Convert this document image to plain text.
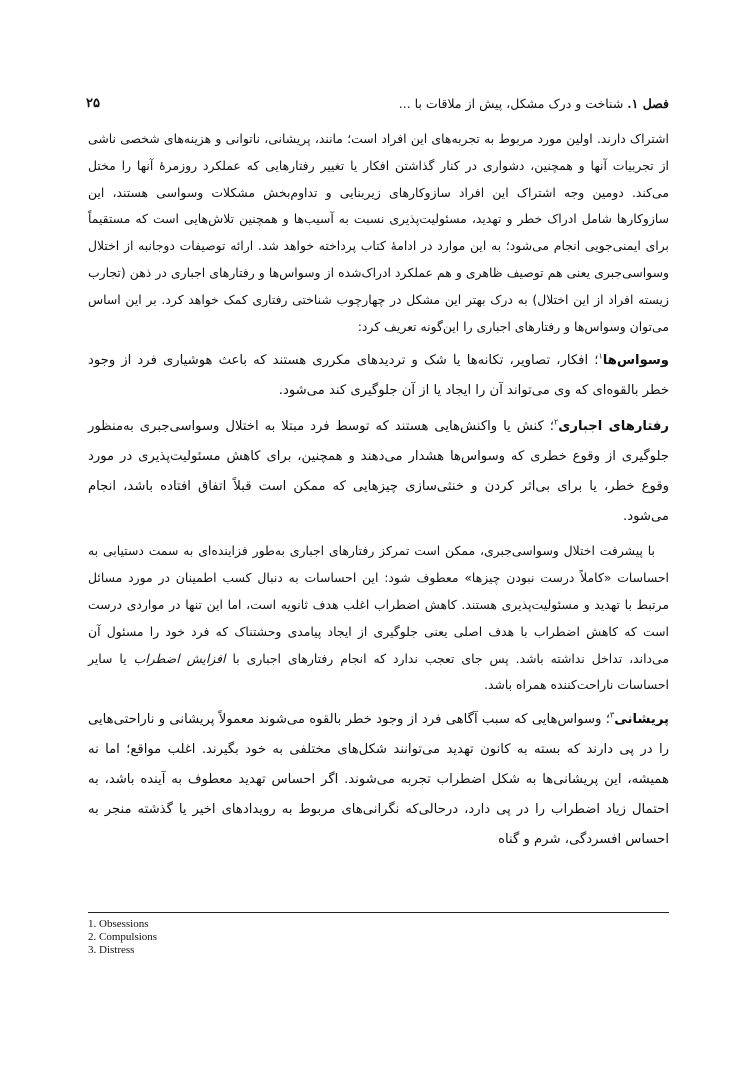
فصل ۱. شناخت و درک مشکل، پیش از ملاقات با ...
۲۵

اشتراک دارند. اولین مورد مربوط به تجربه‌های این افراد است؛ مانند، پریشانی، ناتوانی و هزینه‌های شخصی ناشی از تجربیات آنها و همچنین، دشواری در کنار گذاشتن افکار یا تغییر رفتارهایی که عملکرد روزمرهٔ آنها را مختل می‌کند. دومین وجه اشتراک این افراد سازوکارهای زیربنایی و تداوم‌بخش مشکلات وسواسی هستند، این سازوکارها شامل ادراک خطر و تهدید، مسئولیت‌پذیری نسبت به آسیب‌ها و همچنین تلاش‌هایی است که مستقیماً برای ایمنی‌جویی انجام می‌شود؛ به این موارد در ادامهٔ کتاب پرداخته خواهد شد. ارائه توصیفات دوجانبه از اختلال وسواسی‌جبری یعنی هم توصیف ظاهری و هم عملکرد ادراک‌شده از وسواس‌ها و رفتارهای اجباری در ذهن (تجارب زیسته افراد از این اختلال) به درک بهتر این مشکل در چهارچوب شناختی رفتاری کمک خواهد کرد. بر این اساس می‌توان وسواس‌ها و رفتارهای اجباری را این‌گونه تعریف کرد:

وسواس‌ها$^۱$؛ افکار، تصاویر، تکانه‌ها یا شک و تردیدهای مکرری هستند که باعث هوشیاری فرد از وجود خطر بالقوه‌ای که وی می‌تواند آن را ایجاد یا از آن جلوگیری کند می‌شود.

رفتارهای اجباری$^۲$؛ کنش یا واکنش‌هایی هستند که توسط فرد مبتلا به اختلال وسواسی‌جبری به‌منظور جلوگیری از وقوع خطری که وسواس‌ها هشدار می‌دهند و همچنین، برای کاهش مسئولیت‌پذیری در مورد وقوع خطر، یا برای بی‌اثر کردن و خنثی‌سازی چیزهایی که ممکن است قبلاً اتفاق افتاده باشد، انجام می‌شود.

با پیشرفت اختلال وسواسی‌جبری، ممکن است تمرکز رفتارهای اجباری به‌طور فزاینده‌ای به سمت دستیابی به احساسات «کاملاً درست نبودن چیزها» معطوف شود: این احساسات به دنبال کسب اطمینان در مورد مسائل مرتبط با تهدید و مسئولیت‌پذیری هستند. کاهش اضطراب اغلب هدف ثانویه است، اما این تنها در مواردی درست است که کاهش اضطراب با هدف اصلی یعنی جلوگیری از ایجاد پیامدی وحشتناک که فرد خود را مسئول آن می‌داند، تداخل نداشته باشد. پس جای تعجب ندارد که انجام رفتارهای اجباری با افزایش اضطراب یا سایر احساسات ناراحت‌کننده همراه باشد.

پریشانی$^۳$؛ وسواس‌هایی که سبب آگاهی فرد از وجود خطر بالقوه می‌شوند معمولاً پریشانی و ناراحتی‌هایی را در پی دارند که بسته به کانون تهدید می‌توانند شکل‌های مختلفی به خود بگیرند. اغلب مواقع؛ اما نه همیشه، این پریشانی‌ها به شکل اضطراب تجربه می‌شوند. اگر احساس تهدید معطوف به آینده باشد، به احتمال زیاد اضطراب را در پی دارد، درحالی‌که نگرانی‌های مربوط به رویدادهای اخیر یا گذشته منجر به احساس افسردگی، شرم و گناه

1. Obsessions
2. Compulsions
3. Distress
